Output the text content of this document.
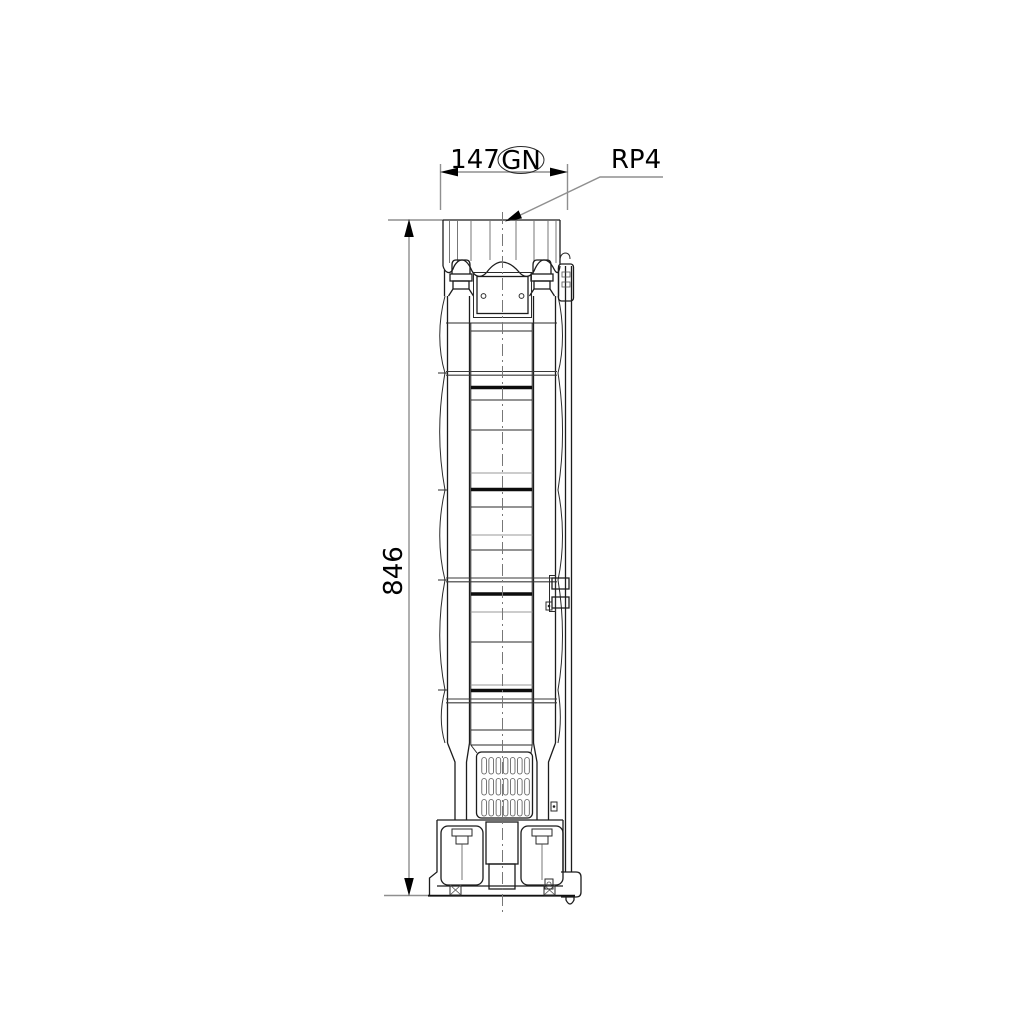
846
147 GN	RP4
